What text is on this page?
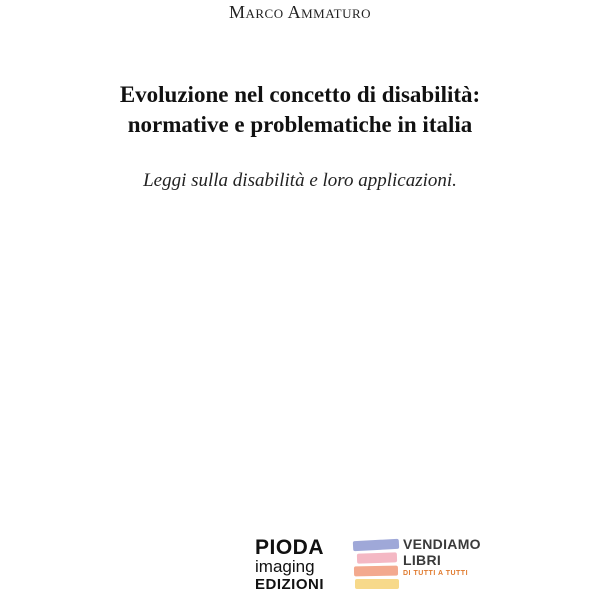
Marco Ammaturo
Evoluzione nel concetto di disabilità:
normative e problematiche in italia
Leggi sulla disabilità e loro applicazioni.
PIODA
imaging
EDIZIONI
VENDIAMO
LIBRI
DI TUTTI A TUTTI
